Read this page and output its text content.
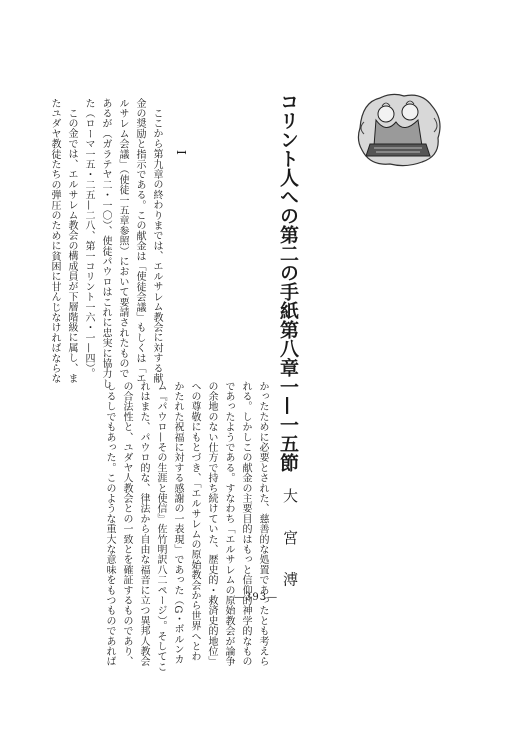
コリント人への第二の手紙第八章一—一五節
I
かったために必要とされた、慈善的な処置であったとも考えら
れる。しかしこの献金の主要目的はもっと信仰的神学的なもの
であったようである。すなわち「エルサレムの原始教会が論争
の余地のない仕方で持ち続けていた、歴史的・救済史的地位」
への尊敬にもとづき、「エルサレムの原始教会から世界へとわ
かたれた祝福に対する感謝の一表現」であった（G・ボルンカ
ム『パウロ—その生涯と使信』佐竹明訳八二ページ）。そしてこ
れはまた、パウロ的な、律法から自由な福音に立つ異邦人教会
の合法性と、ユダヤ人教会との一致とを確証するものであり、
しるしでもあった。このような重大な意味をもつものであれば
ここから第九章の終わりまでは、エルサレム教会に対する献
金の奨励と指示である。この献金は「使徒会議」もしくは「エ
ルサレム会議」（使徒一五章参照）において要請されたもので
あるが（ガラテヤ二・一〇）、使徒パウロはこれに忠実に協力し
た（ローマ一五・二五—二八、第一コリント一六・一—四）。
この金では、エルサレム教会の構成員が下層階級に属し、ま
たユダヤ教徒たちの弾圧のために貧困に甘んじなければならな
大 宮 溥
—393—
